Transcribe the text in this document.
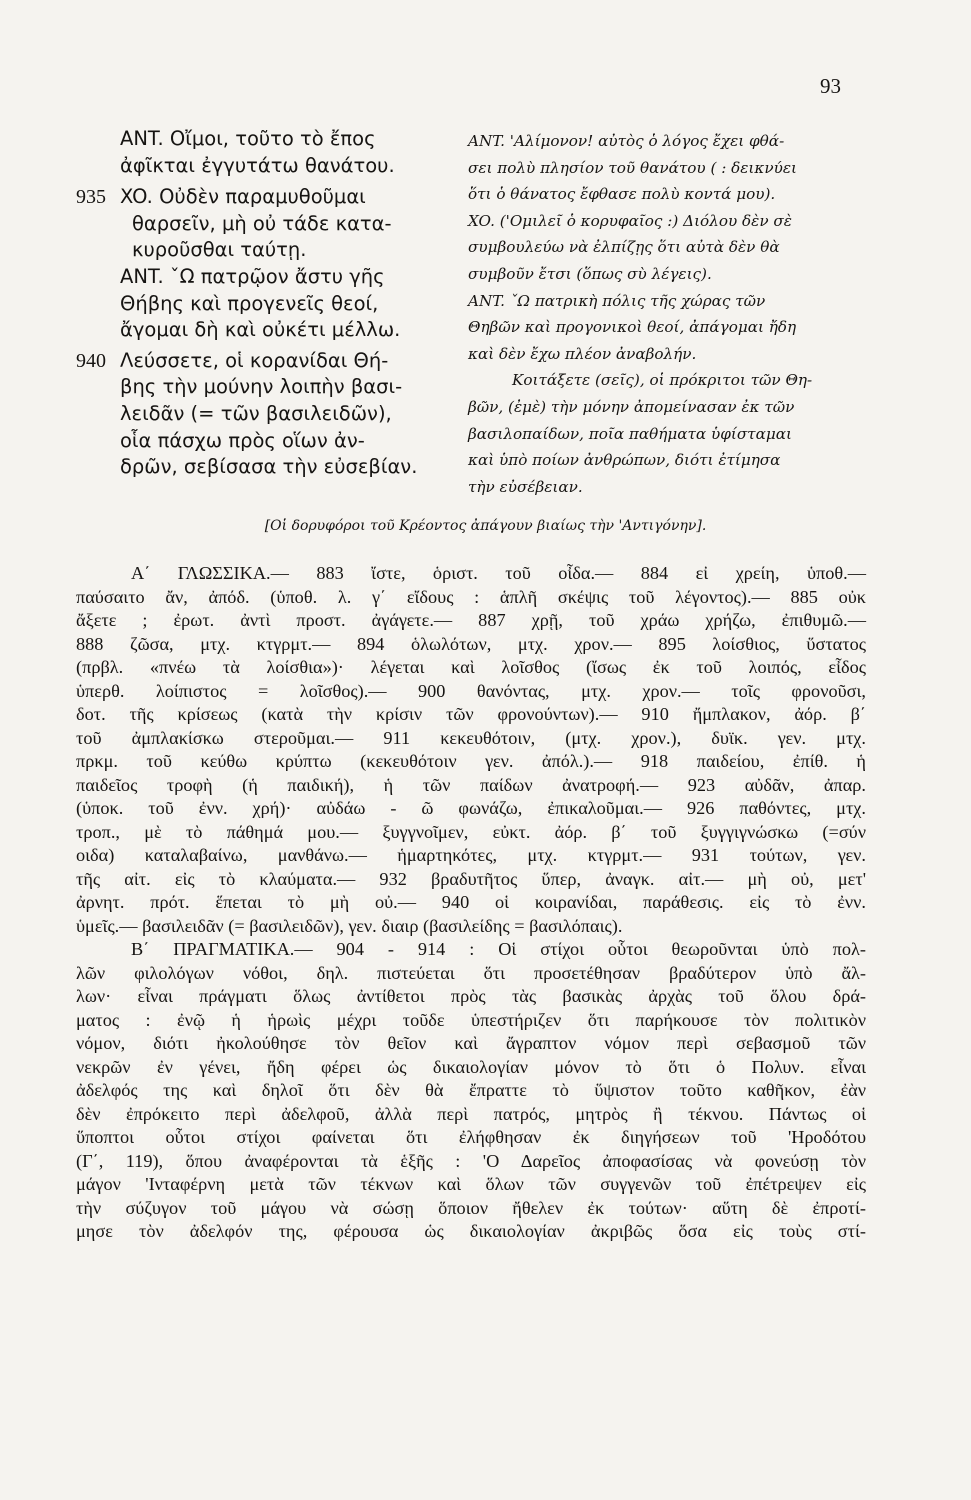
93
ANT. Οἴμοι, τοῦτο τὸ ἔπος
ἀφῖκται ἐγγυτάτω θανάτου.
935 XO. Οὐδὲν παραμυθοῦμαι
θαρσεῖν, μὴ οὐ τάδε κατα-
κυροῦσθαι ταύτῃ.
ANT. ˇΩ πατρῷον ἄστυ γῆς
Θήβης καὶ προγενεῖς θεοί,
ἄγομαι δὴ καὶ οὐκέτι μέλλω.
940 Λεύσσετε, οἱ κορανίδαι Θή-
βης τὴν μούνην λοιπὴν βασι-
λειδᾶν (= τῶν βασιλειδῶν),
οἷα πάσχω πρὸς οἵων ἀν-
δρῶν, σεβίσασα τὴν εὐσεβίαν.
ANT. 'Αλίμονον! αὐτὸς ὁ λόγος ἔχει φθά-
σει πολὺ πλησίον τοῦ θανάτου ( : δεικνύει
ὅτι ὁ θάνατος ἔφθασε πολὺ κοντά μου).
XO. ('Ομιλεῖ ὁ κορυφαῖος :) Διόλου δὲν σὲ
συμβουλεύω νὰ ἐλπίζῃς ὅτι αὐτὰ δὲν θὰ
συμβοῦν ἔτσι (ὅπως σὺ λέγεις).
ANT. ˇΩ πατρικὴ πόλις τῆς χώρας τῶν
Θηβῶν καὶ προγονικοὶ θεοί, ἀπάγομαι ἤδη
καὶ δὲν ἔχω πλέον ἀναβολήν.
Κοιτάξετε (σεῖς), οἱ πρόκριτοι τῶν Θη-
βῶν, (ἐμὲ) τὴν μόνην ἀπομείνασαν ἐκ τῶν
βασιλοπαίδων, ποῖα παθήματα ὑφίσταμαι
καὶ ὑπὸ ποίων ἀνθρώπων, διότι ἐτίμησα
τὴν εὐσέβειαν.
[Οἱ δορυφόροι τοῦ Κρέοντος ἀπάγουν βιαίως τὴν 'Αντιγόνην].
Α΄ ΓΛΩΣΣΙΚΑ.— 883 ἴστε, ὁριστ. τοῦ οἶδα.— 884 εἰ χρείη, ὑποθ.—
παύσαιτο ἄν, ἀπόδ. (ὑποθ. λ. γ΄ εἴδους : ἁπλῆ σκέψις τοῦ λέγοντος).— 885 οὐκ
ἄξετε ; ἐρωτ. ἀντὶ προστ. ἀγάγετε.— 887 χρῇ, τοῦ χράω χρήζω, ἐπιθυμῶ.—
888 ζῶσα, μτχ. κτγρμτ.— 894 ὁλωλότων, μτχ. χρον.— 895 λοίσθιος, ὕστατος
(πρβλ. «πνέω τὰ λοίσθια»)· λέγεται καὶ λοῖσθος (ἴσως ἐκ τοῦ λοιπός, εἶδος
ὑπερθ. λοίπιστος = λοῖσθος).— 900 θανόντας, μτχ. χρον.— τοῖς φρονοῦσι,
δοτ. τῆς κρίσεως (κατὰ τὴν κρίσιν τῶν φρονούντων).— 910 ἤμπλακον, ἀόρ. β΄
τοῦ ἀμπλακίσκω στεροῦμαι.— 911 κεκευθότοιν, (μτχ. χρον.), δυϊκ. γεν. μτχ.
πρκμ. τοῦ κεύθω κρύπτω (κεκευθότοιν γεν. ἀπόλ.).— 918 παιδείου, ἐπίθ. ἡ
παιδεῖος τροφὴ (ἡ παιδική), ἡ τῶν παίδων ἀνατροφή.— 923 αὐδᾶν, ἀπαρ.
(ὑποκ. τοῦ ἐνν. χρή)· αὐδάω - ῶ φωνάζω, ἐπικαλοῦμαι.— 926 παθόντες, μτχ.
τροπ., μὲ τὸ πάθημά μου.— ξυγγνοῖμεν, εὐκτ. ἀόρ. β΄ τοῦ ξυγγιγνώσκω (=σύν
οιδα) καταλαβαίνω, μανθάνω.— ἡμαρτηκότες, μτχ. κτγρμτ.— 931 τούτων, γεν.
τῆς αἰτ. εἰς τὸ κλαύματα.— 932 βραδυτῆτος ὕπερ, ἀναγκ. αἰτ.— μὴ οὐ, μετ'
ἀρνητ. πρότ. ἕπεται τὸ μὴ οὐ.— 940 οἱ κοιρανίδαι, παράθεσις. εἰς τὸ ἐνν.
ὑμεῖς.— βασιλειδᾶν (= βασιλειδῶν), γεν. διαιρ (βασιλείδης = βασιλόπαις).
Β΄ ΠΡΑΓΜΑΤΙΚΑ.— 904 - 914 : Οἱ στίχοι οὗτοι θεωροῦνται ὑπὸ πολ-
λῶν φιλολόγων νόθοι, δηλ. πιστεύεται ὅτι προσετέθησαν βραδύτερον ὑπὸ ἄλ-
λων· εἶναι πράγματι ὅλως ἀντίθετοι πρὸς τὰς βασικὰς ἀρχὰς τοῦ ὅλου δρά-
ματος : ἐνῷ ἡ ἡρωὶς μέχρι τοῦδε ὑπεστήριζεν ὅτι παρήκουσε τὸν πολιτικὸν
νόμον, διότι ἠκολούθησε τὸν θεῖον καὶ ἄγραπτον νόμον περὶ σεβασμοῦ τῶν
νεκρῶν ἐν γένει, ἤδη φέρει ὡς δικαιολογίαν μόνον τὸ ὅτι ὁ Πολυν. εἶναι
ἀδελφός της καὶ δηλοῖ ὅτι δὲν θὰ ἔπραττε τὸ ὕψιστον τοῦτο καθῆκον, ἐὰν
δὲν ἐπρόκειτο περὶ ἀδελφοῦ, ἀλλὰ περὶ πατρός, μητρὸς ἢ τέκνου. Πάντως οἱ
ὕποπτοι οὗτοι στίχοι φαίνεται ὅτι ἐλήφθησαν ἐκ διηγήσεων τοῦ 'Ηροδότου
(Γ΄, 119), ὅπου ἀναφέρονται τὰ ἑξῆς : 'Ο Δαρεῖος ἀποφασίσας νὰ φονεύσῃ τὸν
μάγον 'Ινταφέρνη μετὰ τῶν τέκνων καὶ ὅλων τῶν συγγενῶν τοῦ ἐπέτρεψεν εἰς
τὴν σύζυγον τοῦ μάγου νὰ σώσῃ ὅποιον ἤθελεν ἐκ τούτων· αὕτη δὲ ἐπροτί-
μησε τὸν ἀδελφόν της, φέρουσα ὡς δικαιολογίαν ἀκριβῶς ὅσα εἰς τοὺς στί-
